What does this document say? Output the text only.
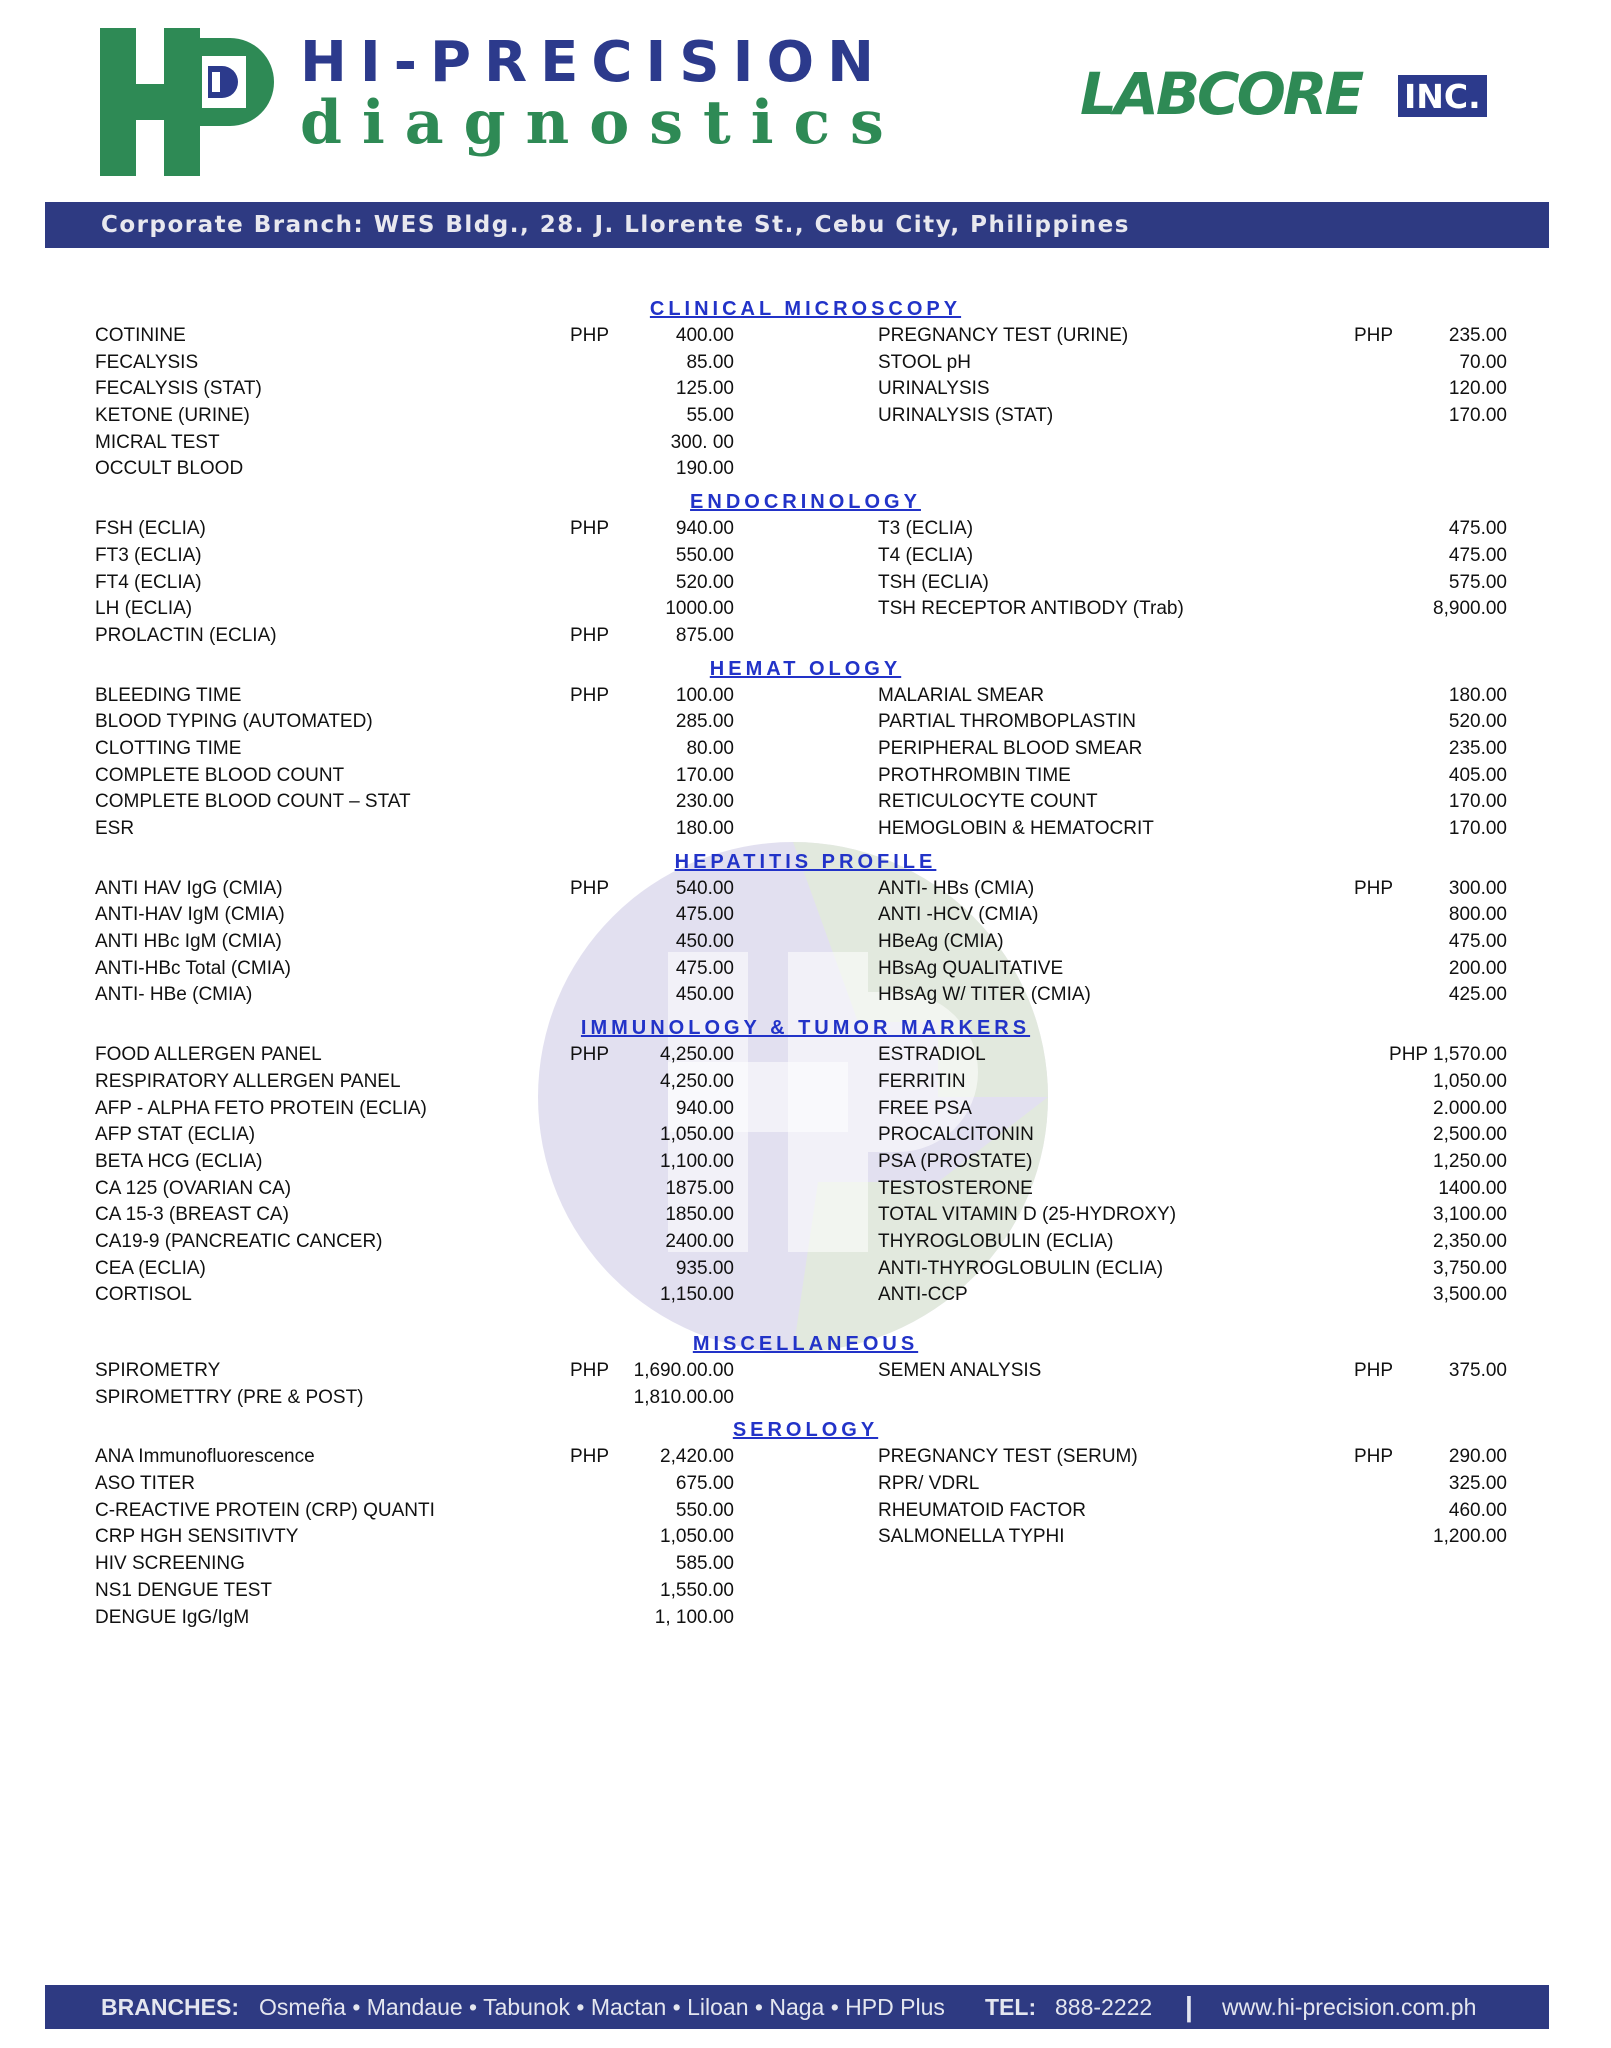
HI-PRECISION
diagnostics	LABCORE INC.
Corporate Branch: WES Bldg., 28. J. Llorente St., Cebu City, Philippines
CLINICAL MICROSCOPY
COTININE	PHP	400.00	PREGNANCY TEST (URINE)	PHP	235.00
FECALYSIS	85.00	STOOL pH	70.00
FECALYSIS (STAT)	125.00	URINALYSIS	120.00
KETONE (URINE)	55.00	URINALYSIS (STAT)	170.00
MICRAL TEST	300. 00
OCCULT BLOOD	190.00
ENDOCRINOLOGY
FSH (ECLIA)	PHP	940.00	T3 (ECLIA)	475.00
FT3 (ECLIA)	550.00	T4 (ECLIA)	475.00
FT4 (ECLIA)	520.00	TSH (ECLIA)	575.00
LH (ECLIA)	1000.00	TSH RECEPTOR ANTIBODY (Trab)	8,900.00
PROLACTIN (ECLIA)	PHP	875.00
HEMAT OLOGY
BLEEDING TIME	PHP	100.00	MALARIAL SMEAR	180.00
BLOOD TYPING (AUTOMATED)	285.00	PARTIAL THROMBOPLASTIN	520.00
CLOTTING TIME	80.00	PERIPHERAL BLOOD SMEAR	235.00
COMPLETE BLOOD COUNT	170.00	PROTHROMBIN TIME	405.00
COMPLETE BLOOD COUNT – STAT	230.00	RETICULOCYTE COUNT	170.00
ESR	180.00	HEMOGLOBIN & HEMATOCRIT	170.00
HEPATITIS PROFILE
ANTI HAV IgG (CMIA)	PHP	540.00	ANTI- HBs (CMIA)	PHP	300.00
ANTI-HAV IgM (CMIA)	475.00	ANTI -HCV (CMIA)	800.00
ANTI HBc IgM (CMIA)	450.00	HBeAg (CMIA)	475.00
ANTI-HBc Total (CMIA)	475.00	HBsAg QUALITATIVE	200.00
ANTI- HBe (CMIA)	450.00	HBsAg W/ TITER (CMIA)	425.00
IMMUNOLOGY & TUMOR MARKERS
FOOD ALLERGEN PANEL	PHP	4,250.00	ESTRADIOL	PHP 1,570.00
RESPIRATORY ALLERGEN PANEL	4,250.00	FERRITIN	1,050.00
AFP - ALPHA FETO PROTEIN (ECLIA)	940.00	FREE PSA	2.000.00
AFP STAT (ECLIA)	1,050.00	PROCALCITONIN	2,500.00
BETA HCG (ECLIA)	1,100.00	PSA (PROSTATE)	1,250.00
CA 125 (OVARIAN CA)	1875.00	TESTOSTERONE	1400.00
CA 15-3 (BREAST CA)	1850.00	TOTAL VITAMIN D (25-HYDROXY)	3,100.00
CA19-9 (PANCREATIC CANCER)	2400.00	THYROGLOBULIN (ECLIA)	2,350.00
CEA (ECLIA)	935.00	ANTI-THYROGLOBULIN (ECLIA)	3,750.00
CORTISOL	1,150.00	ANTI-CCP	3,500.00
MISCELLANEOUS
SPIROMETRY	PHP 1,690.00.00	SEMEN ANALYSIS	PHP	375.00
SPIROMETTRY (PRE & POST)	1,810.00.00
SEROLOGY
ANA Immunofluorescence	PHP	2,420.00	PREGNANCY TEST (SERUM)	PHP	290.00
ASO TITER	675.00	RPR/ VDRL	325.00
C-REACTIVE PROTEIN (CRP) QUANTI	550.00	RHEUMATOID FACTOR	460.00
CRP HGH SENSITIVTY	1,050.00	SALMONELLA TYPHI	1,200.00
HIV SCREENING	585.00
NS1 DENGUE TEST	1,550.00
DENGUE IgG/IgM	1, 100.00
BRANCHES: Osmeña • Mandaue • Tabunok • Mactan • Liloan • Naga • HPD Plus TEL: 888-2222 | www.hi-precision.com.ph
